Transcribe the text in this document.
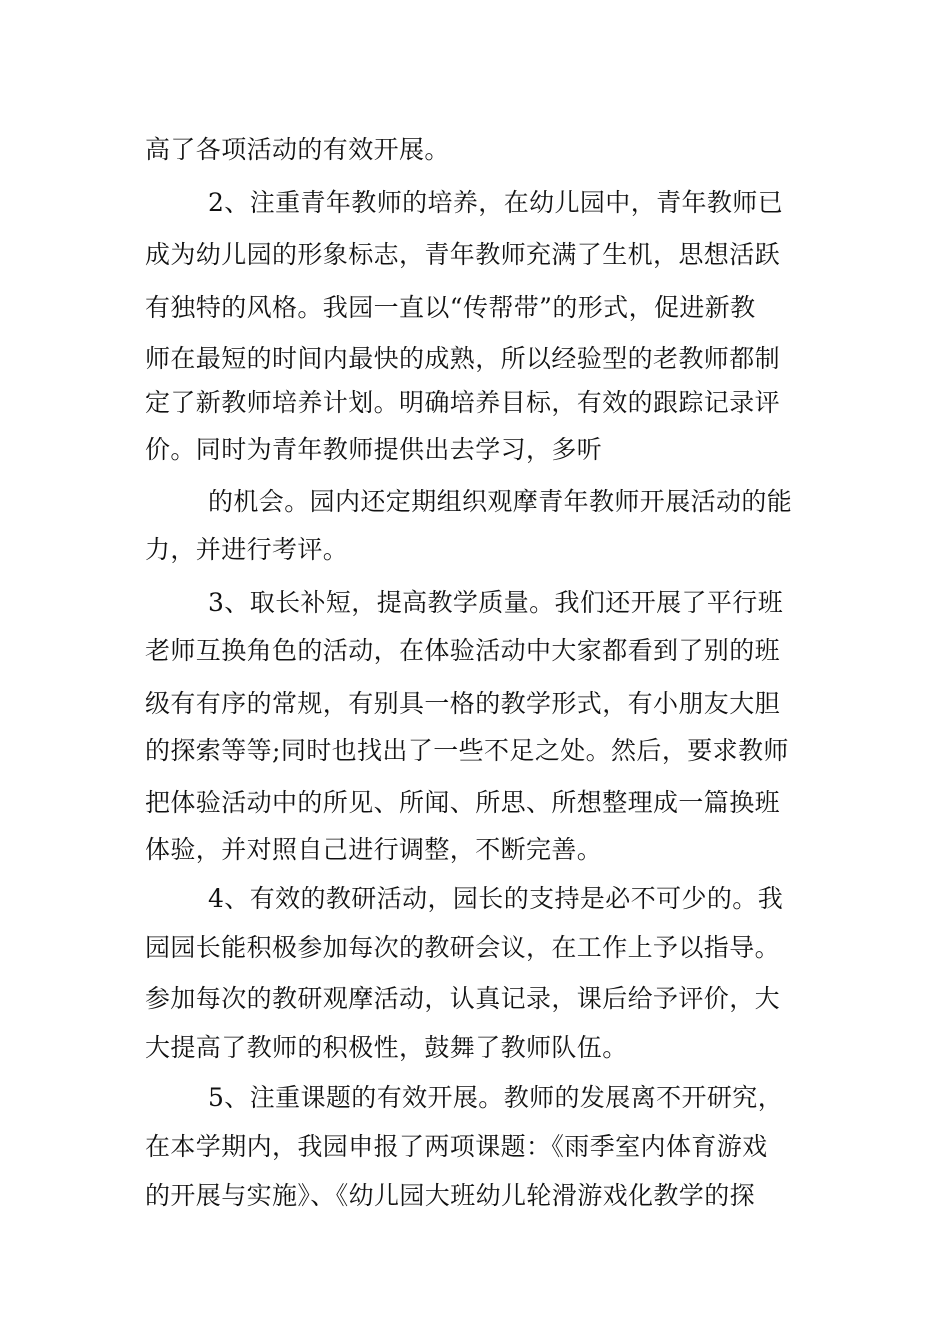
高了各项活动的有效开展。
2、注重青年教师的培养，在幼儿园中，青年教师已
成为幼儿园的形象标志，青年教师充满了生机，思想活跃
有独特的风格。我园一直以“传帮带”的形式，促进新教
师在最短的时间内最快的成熟，所以经验型的老教师都制
定了新教师培养计划。明确培养目标，有效的跟踪记录评
价。同时为青年教师提供出去学习，多听
的机会。园内还定期组织观摩青年教师开展活动的能
力，并进行考评。
3、取长补短，提高教学质量。我们还开展了平行班
老师互换角色的活动，在体验活动中大家都看到了别的班
级有有序的常规，有别具一格的教学形式，有小朋友大胆
的探索等等;同时也找出了一些不足之处。然后，要求教师
把体验活动中的所见、所闻、所思、所想整理成一篇换班
体验，并对照自己进行调整，不断完善。
4、有效的教研活动，园长的支持是必不可少的。我
园园长能积极参加每次的教研会议，在工作上予以指导。
参加每次的教研观摩活动，认真记录，课后给予评价，大
大提高了教师的积极性，鼓舞了教师队伍。
5、注重课题的有效开展。教师的发展离不开研究，
在本学期内，我园申报了两项课题：《雨季室内体育游戏
的开展与实施》、《幼儿园大班幼儿轮滑游戏化教学的探
